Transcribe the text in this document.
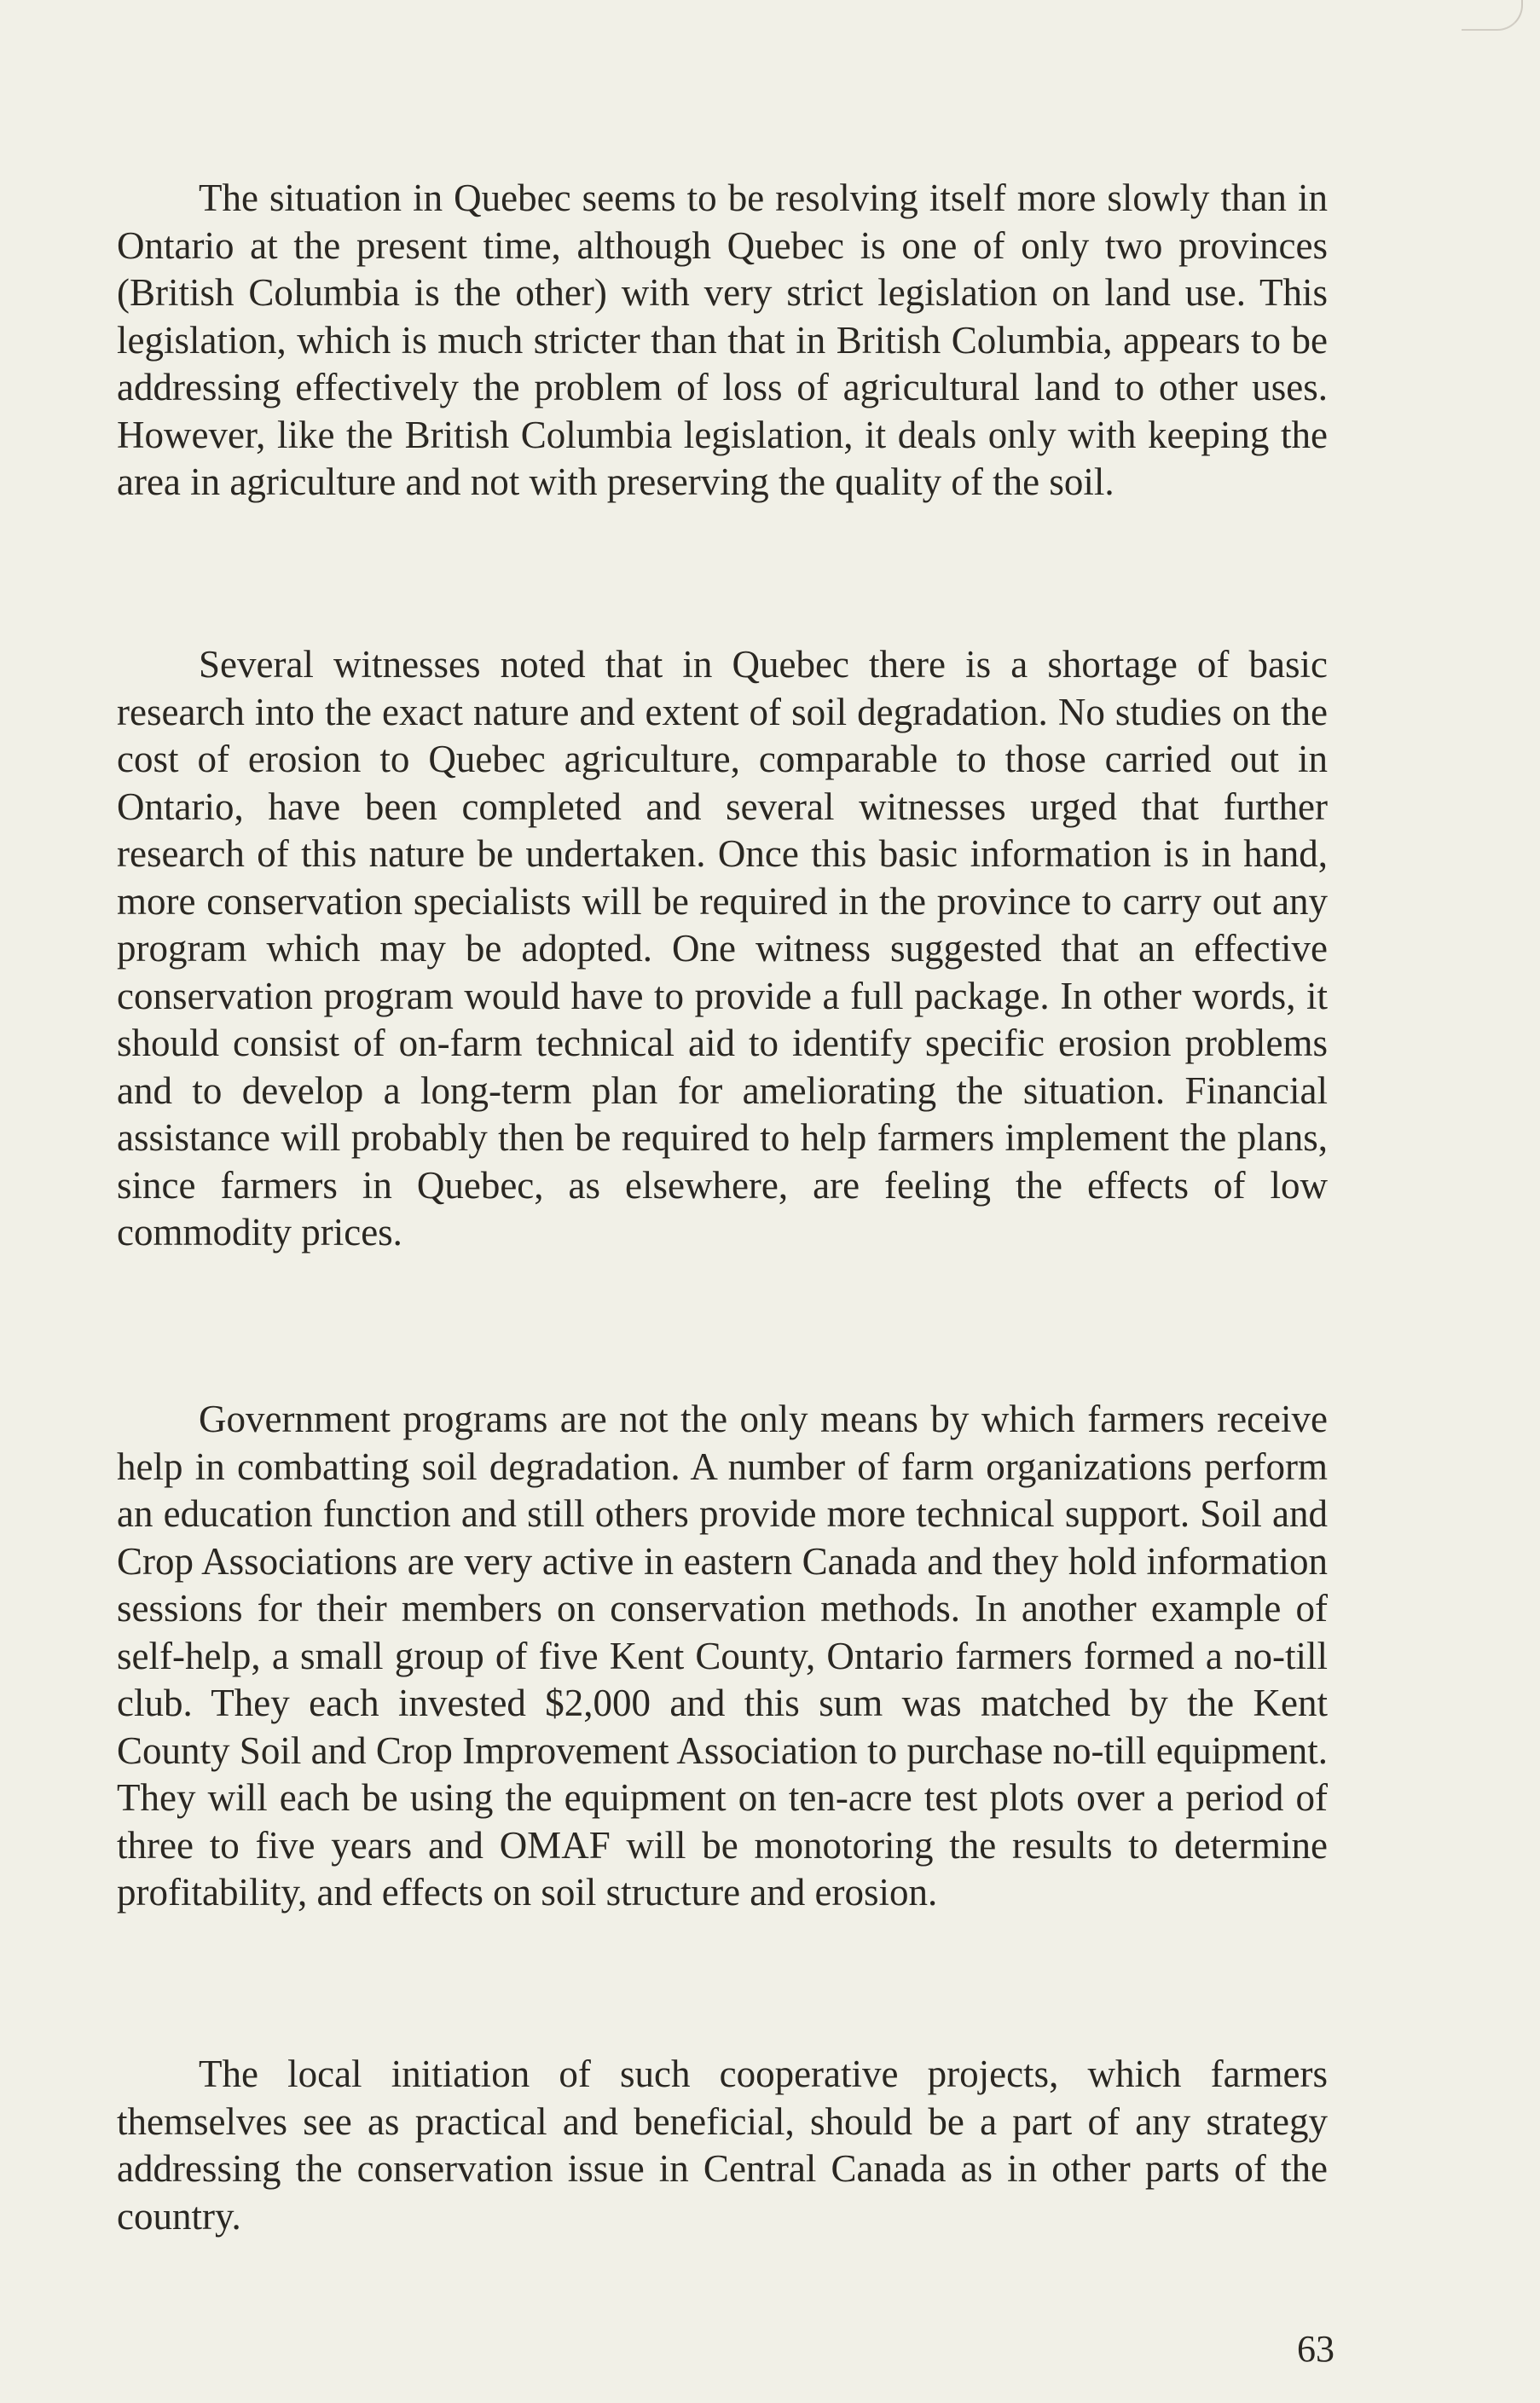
The situation in Quebec seems to be resolving itself more slowly than in Ontario at the present time, although Quebec is one of only two provinces (British Columbia is the other) with very strict legislation on land use. This legislation, which is much stricter than that in British Columbia, appears to be addressing effectively the problem of loss of agricultural land to other uses. However, like the British Columbia legislation, it deals only with keeping the area in agriculture and not with preserving the quality of the soil.

Several witnesses noted that in Quebec there is a shortage of basic research into the exact nature and extent of soil degradation. No studies on the cost of erosion to Quebec agriculture, comparable to those carried out in Ontario, have been completed and several witnesses urged that further research of this nature be undertaken. Once this basic information is in hand, more conservation specialists will be required in the province to carry out any program which may be adopted. One witness suggested that an effective conservation program would have to provide a full package. In other words, it should consist of on-farm technical aid to identify specific erosion problems and to develop a long-term plan for ameliorating the situation. Financial assistance will probably then be required to help farmers implement the plans, since farmers in Quebec, as elsewhere, are feeling the effects of low commodity prices.

Government programs are not the only means by which farmers receive help in combatting soil degradation. A number of farm organizations perform an education function and still others provide more technical support. Soil and Crop Associations are very active in eastern Canada and they hold information sessions for their members on conservation methods. In another example of self-help, a small group of five Kent County, Ontario farmers formed a no-till club. They each invested $2,000 and this sum was matched by the Kent County Soil and Crop Improvement Association to purchase no-till equipment. They will each be using the equipment on ten-acre test plots over a period of three to five years and OMAF will be monotoring the results to determine profitability, and effects on soil structure and erosion.

The local initiation of such cooperative projects, which farmers themselves see as practical and beneficial, should be a part of any strategy addressing the conservation issue in Central Canada as in other parts of the country.

63
